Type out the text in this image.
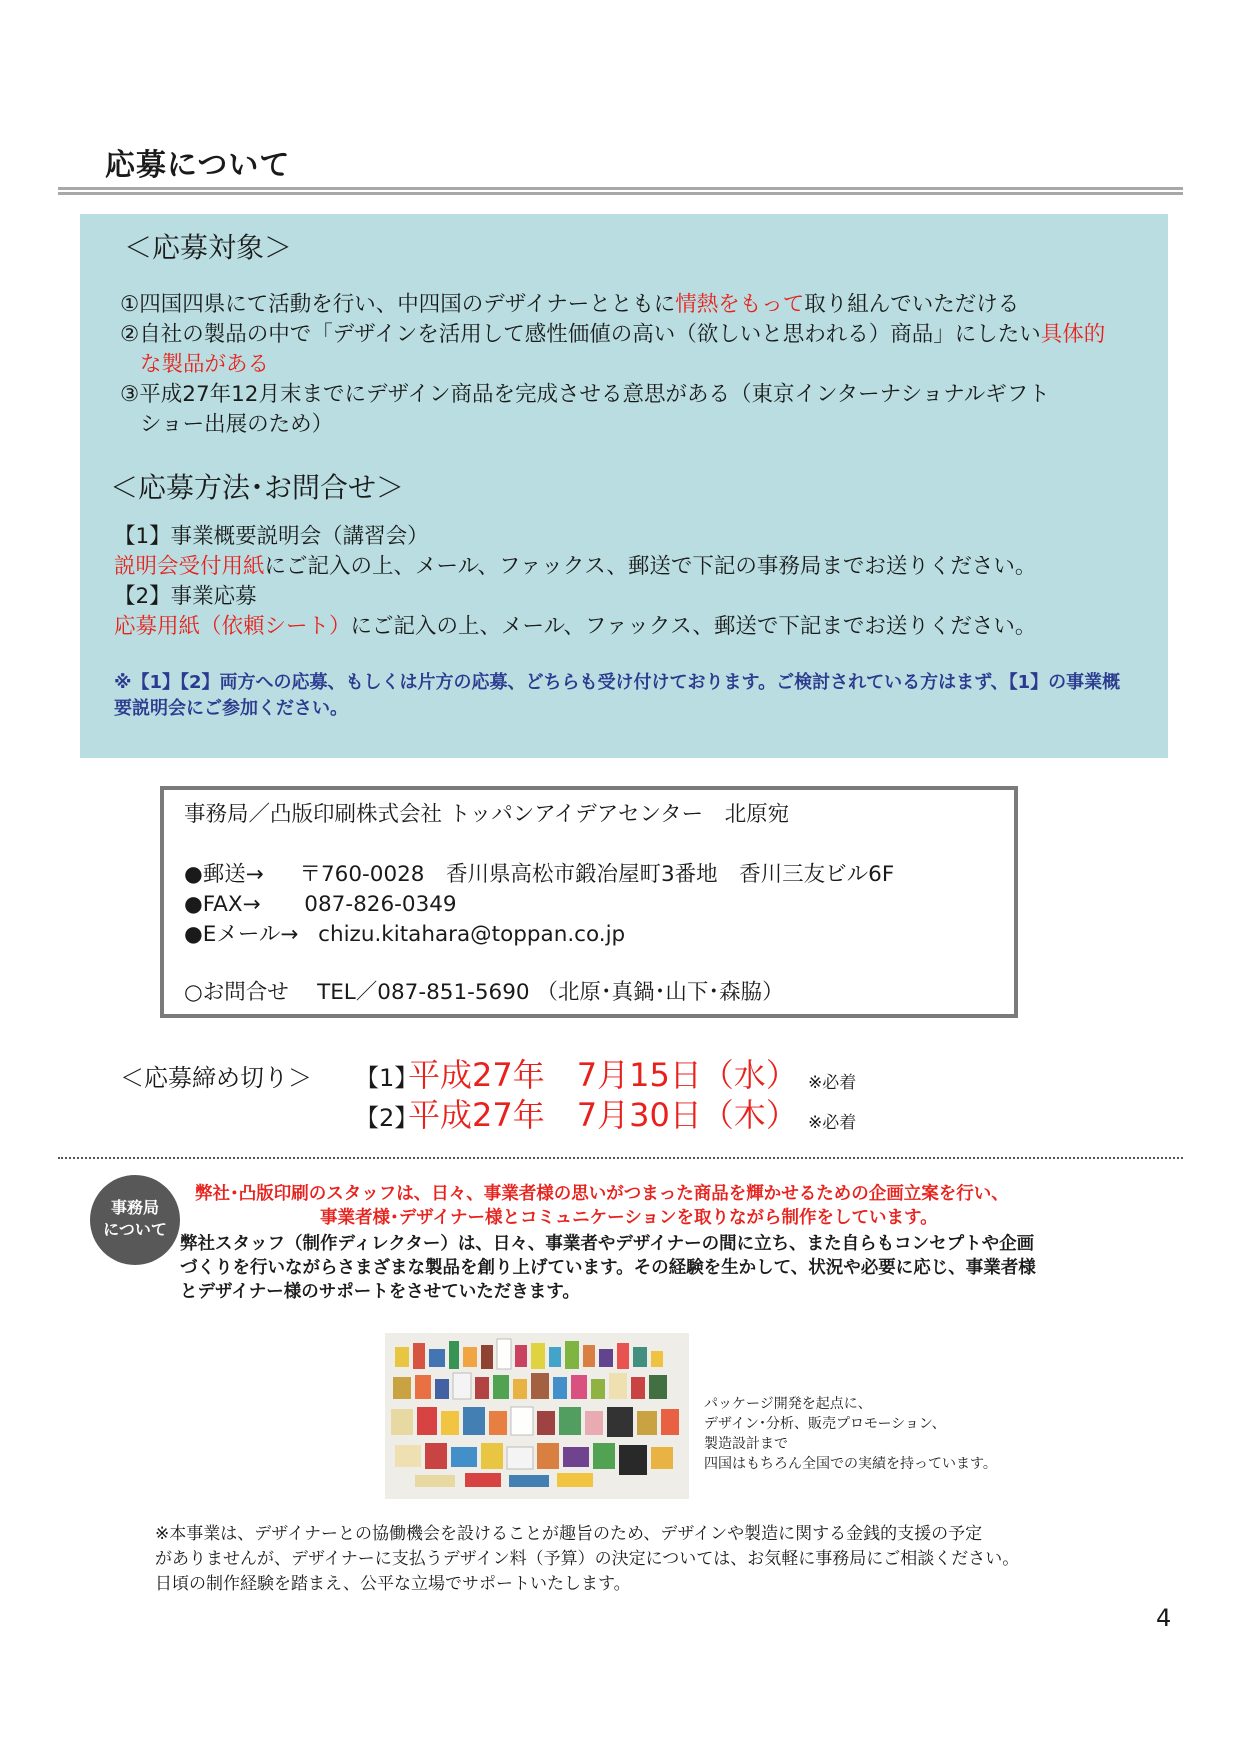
応募について
＜応募対象＞
①四国四県にて活動を行い、中四国のデザイナーとともに情熱をもって取り組んでいただける
②自社の製品の中で「デザインを活用して感性価値の高い（欲しいと思われる）商品」にしたい具体的
な製品がある
③平成27年12月末までにデザイン商品を完成させる意思がある（東京インターナショナルギフト
ショー出展のため）
＜応募方法･お問合せ＞
【1】事業概要説明会（講習会）
説明会受付用紙にご記入の上、メール、ファックス、郵送で下記の事務局までお送りください。
【2】事業応募
応募用紙（依頼シート）にご記入の上、メール、ファックス、郵送で下記までお送りください。
※【1】【2】両方への応募、もしくは片方の応募、どちらも受け付けております。ご検討されている方はまず、【1】の事業概
要説明会にご参加ください。
事務局／凸版印刷株式会社 トッパンアイデアセンター　北原宛
●郵送→ 〒760-0028　香川県高松市鍛冶屋町3番地　香川三友ビル6F
●FAX→ 087-826-0349
●Eメール→ chizu.kitahara@toppan.co.jp
○お問合せ　 TEL／087-851-5690 （北原･真鍋･山下･森脇）
＜応募締め切り＞ 【1】
平成27年　7月15日（水） ※必着
【2】
平成27年　7月30日（木） ※必着
事務局
について
弊社･凸版印刷のスタッフは、日々、事業者様の思いがつまった商品を輝かせるための企画立案を行い、
事業者様･デザイナー様とコミュニケーションを取りながら制作をしています。
弊社スタッフ（制作ディレクター）は、日々、事業者やデザイナーの間に立ち、また自らもコンセプトや企画
づくりを行いながらさまざまな製品を創り上げています。その経験を生かして、状況や必要に応じ、事業者様
とデザイナー様のサポートをさせていただきます。
パッケージ開発を起点に、
デザイン･分析、販売プロモーション、
製造設計まで
四国はもちろん全国での実績を持っています。
※本事業は、デザイナーとの協働機会を設けることが趣旨のため、デザインや製造に関する金銭的支援の予定
がありませんが、デザイナーに支払うデザイン料（予算）の決定については、お気軽に事務局にご相談ください。
日頃の制作経験を踏まえ、公平な立場でサポートいたします。
4
